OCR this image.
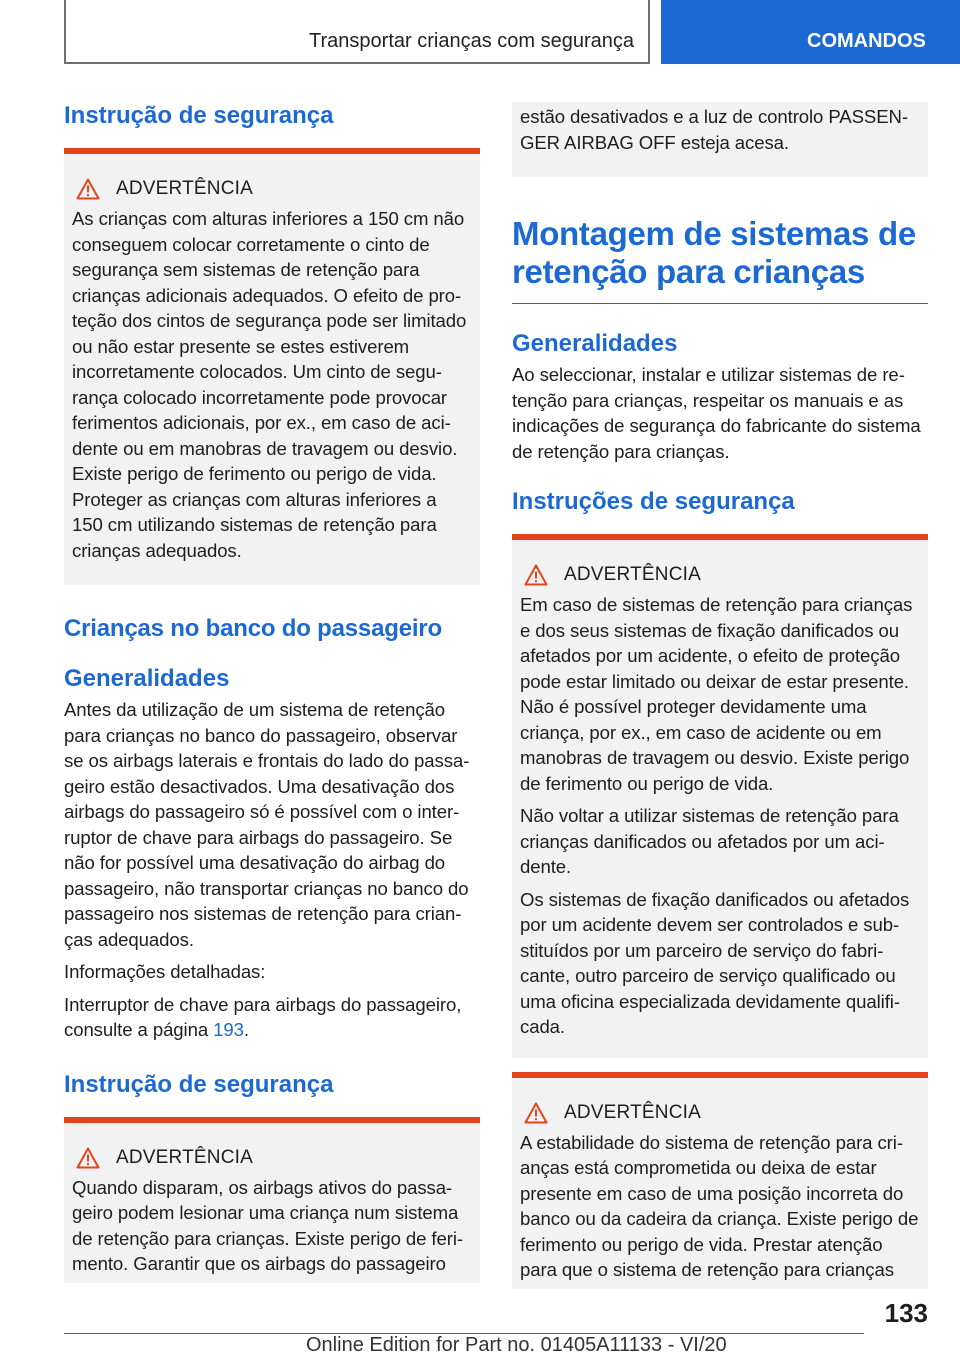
Transportar crianças com segurança	COMANDOS
Instrução de segurança
ADVERTÊNCIA

As crianças com alturas inferiores a 150 cm não conseguem colocar corretamente o cinto de segurança sem sistemas de retenção para crianças adicionais adequados. O efeito de proteção dos cintos de segurança pode ser limitado ou não estar presente se estes estiverem incorretamente colocados. Um cinto de segurança colocado incorretamente pode provocar ferimentos adicionais, por ex., em caso de acidente ou em manobras de travagem ou desvio. Existe perigo de ferimento ou perigo de vida. Proteger as crianças com alturas inferiores a 150 cm utilizando sistemas de retenção para crianças adequados.

Crianças no banco do passageiro
Generalidades

Antes da utilização de um sistema de retenção para crianças no banco do passageiro, observar se os airbags laterais e frontais do lado do passageiro estão desactivados. Uma desativação dos airbags do passageiro só é possível com o interruptor de chave para airbags do passageiro. Se não for possível uma desativação do airbag do passageiro, não transportar crianças no banco do passageiro nos sistemas de retenção para crianças adequados.

Informações detalhadas:

Interruptor de chave para airbags do passageiro, consulte a página 193.

Instrução de segurança
ADVERTÊNCIA

Quando disparam, os airbags ativos do passageiro podem lesionar uma criança num sistema de retenção para crianças. Existe perigo de ferimento. Garantir que os airbags do passageiro

estão desativados e a luz de controlo PASSENGER AIRBAG OFF esteja acesa.

Montagem de sistemas de retenção para crianças
Generalidades

Ao seleccionar, instalar e utilizar sistemas de retenção para crianças, respeitar os manuais e as indicações de segurança do fabricante do sistema de retenção para crianças.

Instruções de segurança
ADVERTÊNCIA

Em caso de sistemas de retenção para crianças e dos seus sistemas de fixação danificados ou afetados por um acidente, o efeito de proteção pode estar limitado ou deixar de estar presente. Não é possível proteger devidamente uma criança, por ex., em caso de acidente ou em manobras de travagem ou desvio. Existe perigo de ferimento ou perigo de vida.

Não voltar a utilizar sistemas de retenção para crianças danificados ou afetados por um acidente.

Os sistemas de fixação danificados ou afetados por um acidente devem ser controlados e substituídos por um parceiro de serviço do fabricante, outro parceiro de serviço qualificado ou uma oficina especializada devidamente qualificada.

ADVERTÊNCIA

A estabilidade do sistema de retenção para crianças está comprometida ou deixa de estar presente em caso de uma posição incorreta do banco ou da cadeira da criança. Existe perigo de ferimento ou perigo de vida. Prestar atenção para que o sistema de retenção para crianças

133
Online Edition for Part no. 01405A11133 - VI/20
